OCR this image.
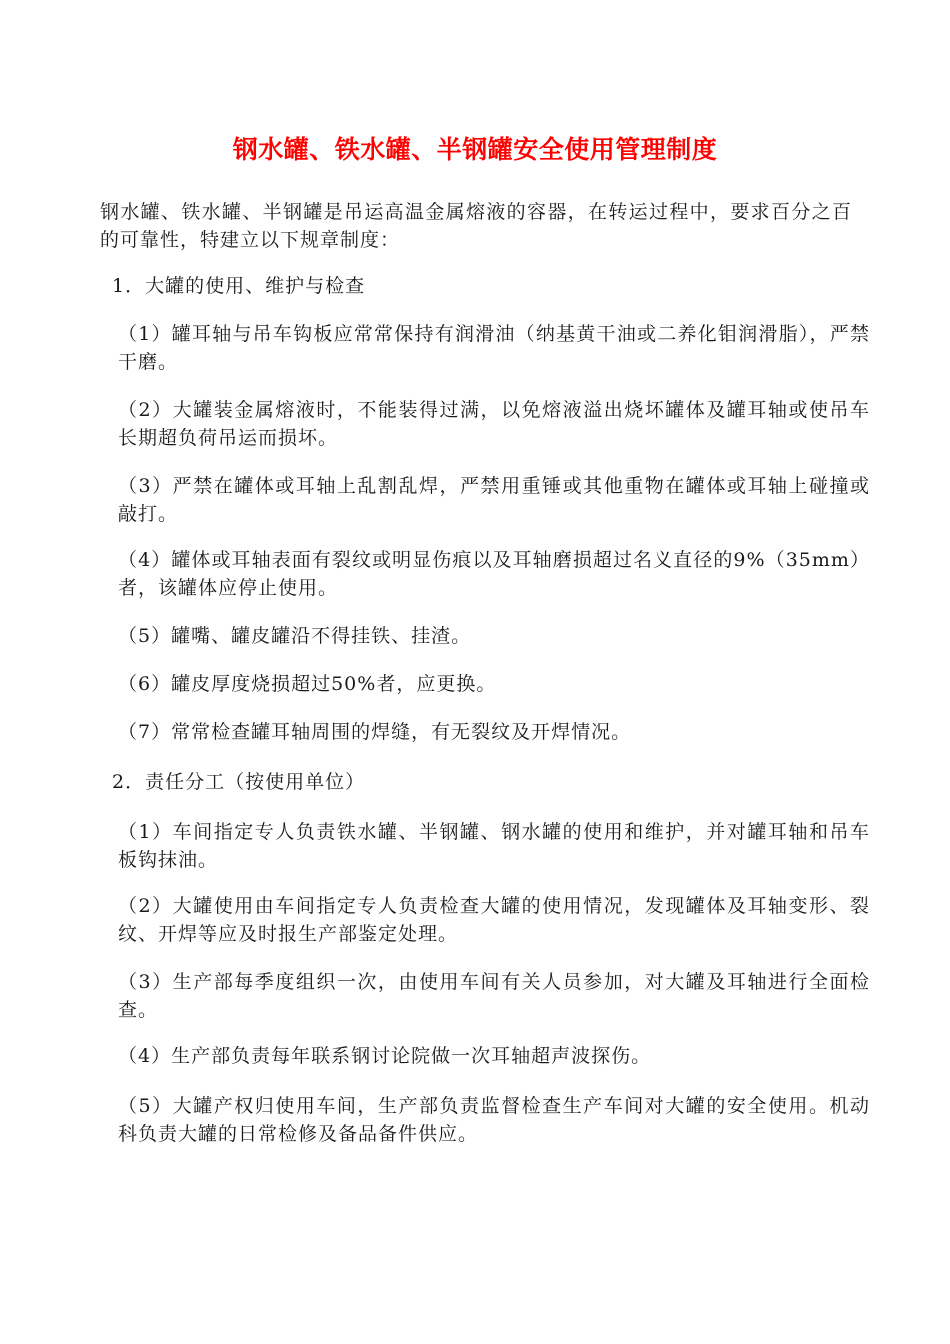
钢水罐、铁水罐、半钢罐安全使用管理制度
钢水罐、铁水罐、半钢罐是吊运高温金属熔液的容器，在转运过程中，要求百分之百的可靠性，特建立以下规章制度：
1．大罐的使用、维护与检查
（1）罐耳轴与吊车钩板应常常保持有润滑油（纳基黄干油或二养化钼润滑脂），严禁干磨。
（2）大罐装金属熔液时，不能装得过满，以免熔液溢出烧坏罐体及罐耳轴或使吊车长期超负荷吊运而损坏。
（3）严禁在罐体或耳轴上乱割乱焊，严禁用重锤或其他重物在罐体或耳轴上碰撞或敲打。
（4）罐体或耳轴表面有裂纹或明显伤痕以及耳轴磨损超过名义直径的9%（35mm）者，该罐体应停止使用。
（5）罐嘴、罐皮罐沿不得挂铁、挂渣。
（6）罐皮厚度烧损超过50%者，应更换。
（7）常常检查罐耳轴周围的焊缝，有无裂纹及开焊情况。
2．责任分工（按使用单位）
（1）车间指定专人负责铁水罐、半钢罐、钢水罐的使用和维护，并对罐耳轴和吊车板钩抹油。
（2）大罐使用由车间指定专人负责检查大罐的使用情况，发现罐体及耳轴变形、裂纹、开焊等应及时报生产部鉴定处理。
（3）生产部每季度组织一次，由使用车间有关人员参加，对大罐及耳轴进行全面检查。
（4）生产部负责每年联系钢讨论院做一次耳轴超声波探伤。
（5）大罐产权归使用车间，生产部负责监督检查生产车间对大罐的安全使用。机动科负责大罐的日常检修及备品备件供应。
